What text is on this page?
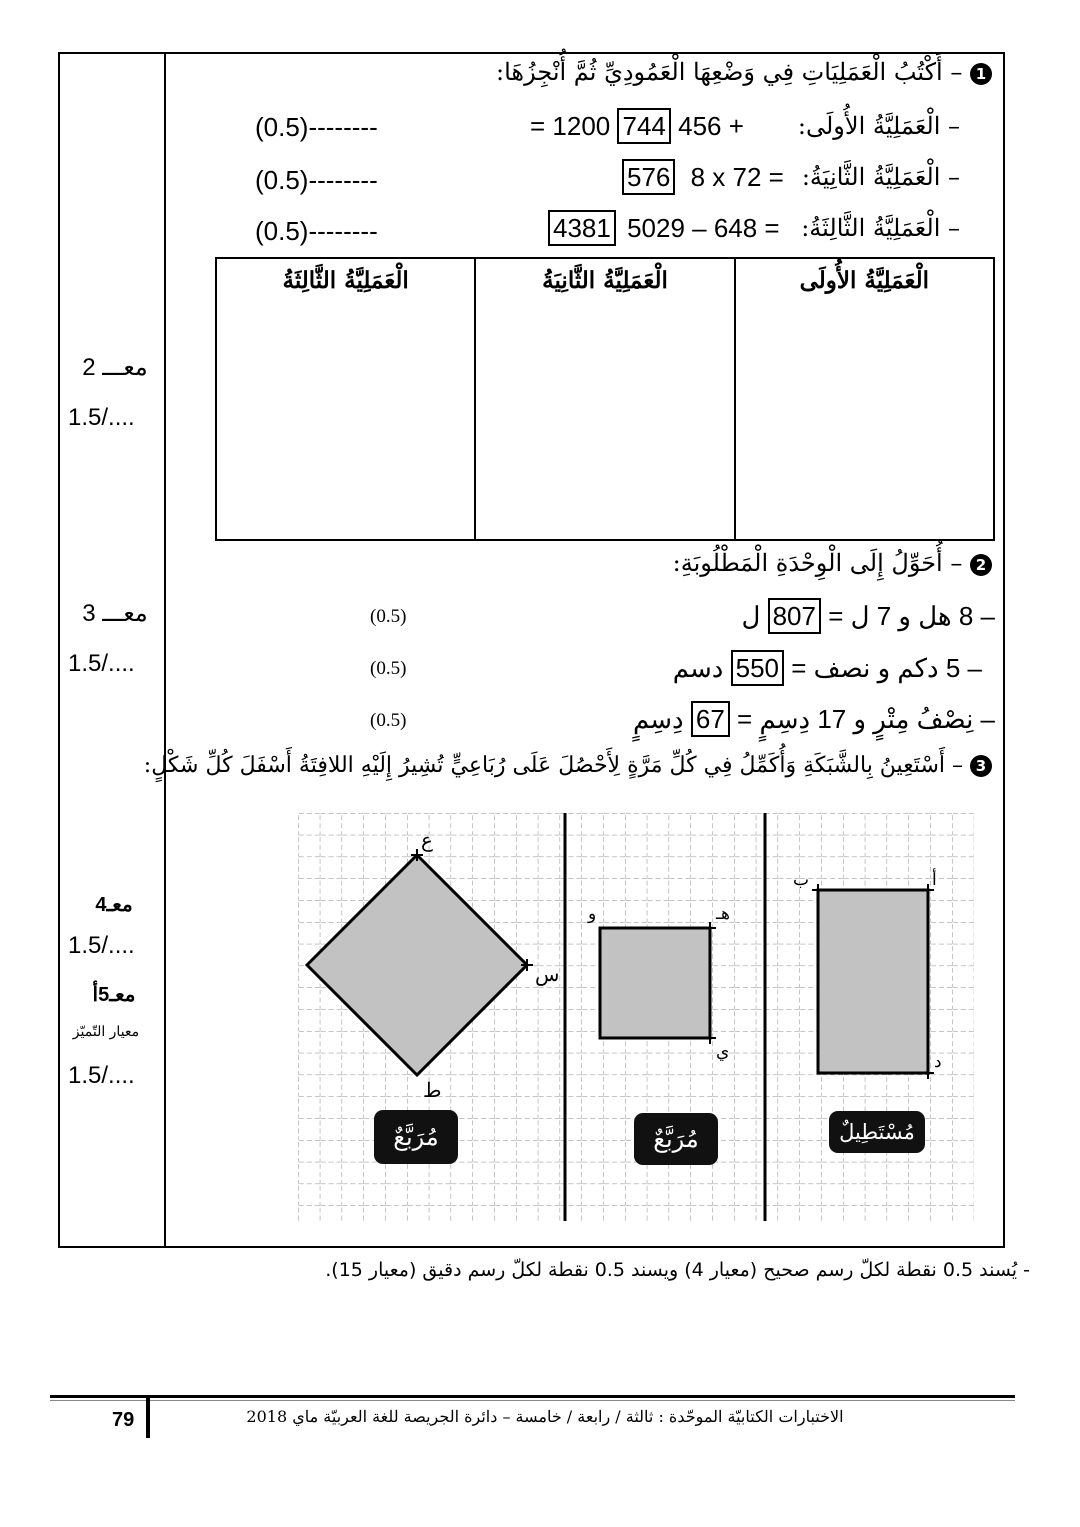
1 – أَكْتُبُ الْعَمَلِيَاتِ فِي وَضْعِهَا الْعَمُودِيِّ ثُمَّ أُنْجِزُهَا:
(0.5)--------	= 1200 744 456 + – الْعَمَلِيَّةُ الأُولَى:
(0.5)--------	576 8 x 72 = – الْعَمَلِيَّةُ الثَّانِيَةُ:
(0.5)--------	4381 5029 – 648 = – الْعَمَلِيَّةُ الثَّالِثَةُ:
الْعَمَلِيَّةُ الثَّالِثَةُ	الْعَمَلِيَّةُ الثَّانِيَةُ	الْعَمَلِيَّةُ الأُولَى
2 – أُحَوِّلُ إِلَى الْوِحْدَةِ الْمَطْلُوبَةِ:
(0.5)	– 8 هل و 7 ل = 807 ل
(0.5)	– 5 دكم و نصف = 550 دسم
(0.5)	– نِصْفُ مِتْرٍ و 17 دِسِمٍ = 67 دِسِمٍ
3 – أَسْتَعِينُ بِالشَّبَكَةِ وَأُكَمِّلُ فِي كُلِّ مَرَّةٍ لِأَحْصُلَ عَلَى رُبَاعِيٍّ تُشِيرُ إِلَيْهِ اللافِتَةُ أَسْفَلَ كُلِّ شَكْلٍ:
ع
س
ط
هـ
و
ي
أ
ب
د
مُرَبَّعٌ	مُرَبَّعٌ	مُسْتَطِيلٌ
معـــ 2
1.5/....
معـــ 3
1.5/....
معـ4
1.5/....
معـ5أ
معيار التّميّز
1.5/....
- يُسند 0.5 نقطة لكلّ رسم صحيح (معيار 4) ويسند 0.5 نقطة لكلّ رسم دقيق (معيار 15).
79	الاختبارات الكتابيّة الموحّدة : ثالثة / رابعة / خامسة – دائرة الجريصة للغة العربيّة ماي 2018
